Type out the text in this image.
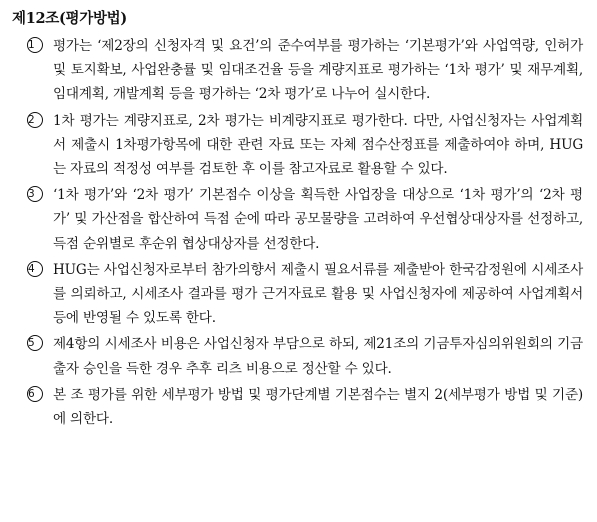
제12조(평가방법)
1	평가는 ‘제2장의 신청자격 및 요건’의 준수여부를 평가하는 ‘기본평가’와 사업역량, 인허가 및 토지확보, 사업완충률 및 임대조건율 등을 계량지표로 평가하는 ‘1차 평가’ 및 재무계획, 임대계획, 개발계획 등을 평가하는 ‘2차 평가’로 나누어 실시한다.
2	1차 평가는 계량지표로, 2차 평가는 비계량지표로 평가한다. 다만, 사업신청자는 사업계획서 제출시 1차평가항목에 대한 관련 자료 또는 자체 점수산정표를 제출하여야 하며, HUG는 자료의 적정성 여부를 검토한 후 이를 참고자료로 활용할 수 있다.
3	‘1차 평가’와 ‘2차 평가’ 기본점수 이상을 획득한 사업장을 대상으로 ‘1차 평가’의 ‘2차 평가’ 및 가산점을 합산하여 득점 순에 따라 공모물량을 고려하여 우선협상대상자를 선정하고, 득점 순위별로 후순위 협상대상자를 선정한다.
4	HUG는 사업신청자로부터 참가의향서 제출시 필요서류를 제출받아 한국감정원에 시세조사를 의뢰하고, 시세조사 결과를 평가 근거자료로 활용 및 사업신청자에 제공하여 사업계획서 등에 반영될 수 있도록 한다.
5	제4항의 시세조사 비용은 사업신청자 부담으로 하되, 제21조의 기금투자심의위원회의 기금출자 승인을 득한 경우 추후 리츠 비용으로 정산할 수 있다.
6	본 조 평가를 위한 세부평가 방법 및 평가단계별 기본점수는 별지 2(세부평가 방법 및 기준)에 의한다.
